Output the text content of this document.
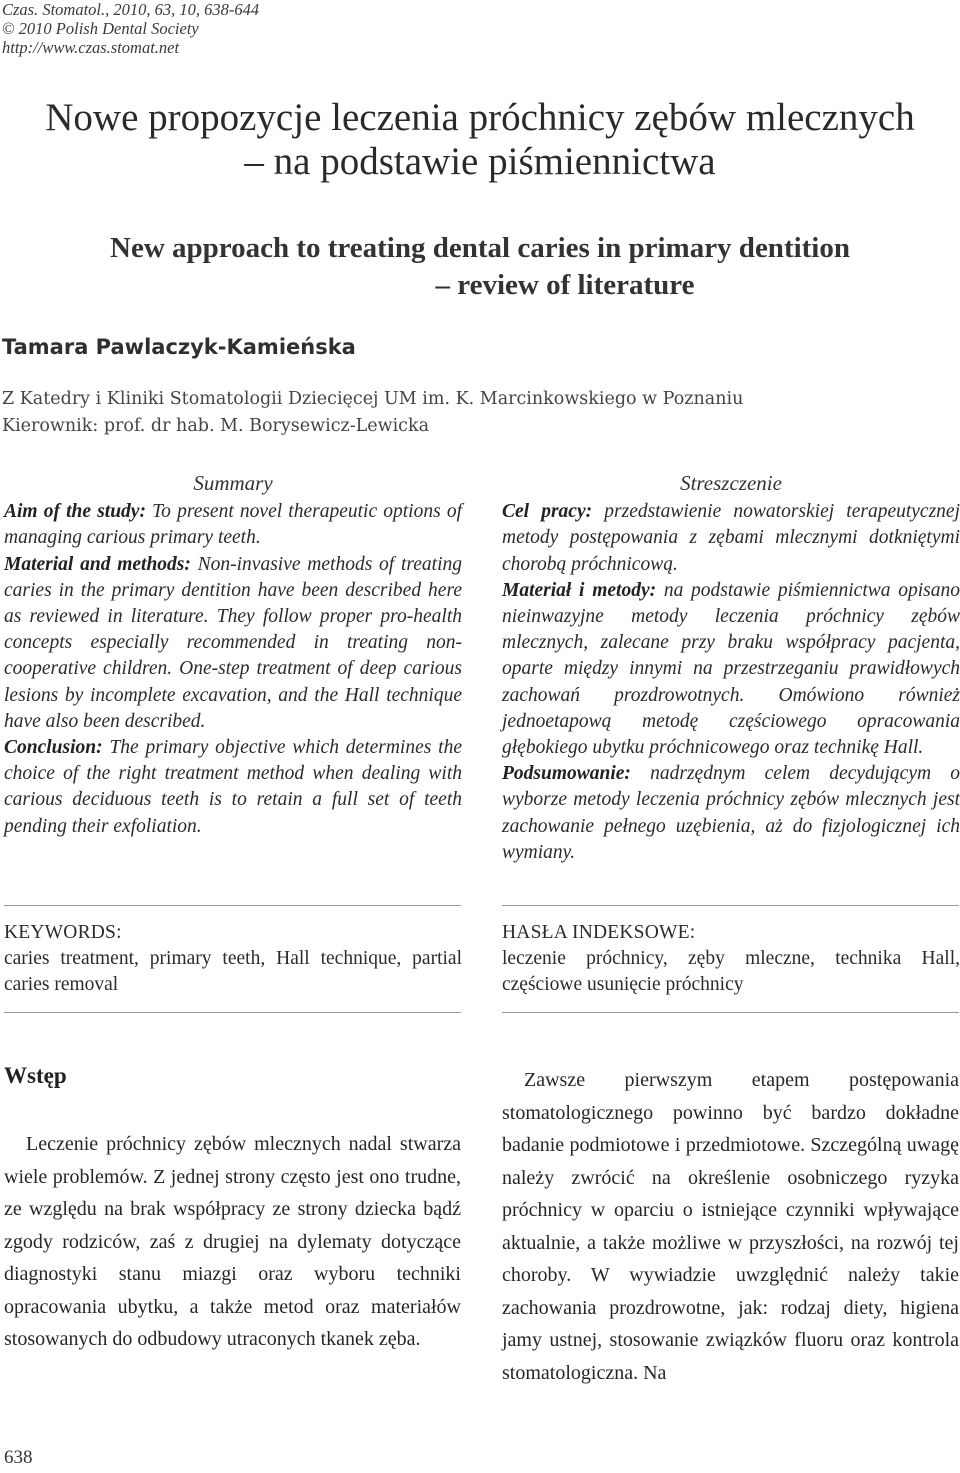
Czas. Stomatol., 2010, 63, 10, 638-644
© 2010 Polish Dental Society
http://www.czas.stomat.net
Nowe propozycje leczenia próchnicy zębów mlecznych
– na podstawie piśmiennictwa
New approach to treating dental caries in primary dentition
– review of literature
Tamara Pawlaczyk-Kamieńska
Z Katedry i Kliniki Stomatologii Dziecięcej UM im. K. Marcinkowskiego w Poznaniu
Kierownik: prof. dr hab. M. Borysewicz-Lewicka
Summary

Aim of the study: To present novel therapeutic options of managing carious primary teeth.

Material and methods: Non-invasive methods of treating caries in the primary dentition have been described here as reviewed in literature. They follow proper pro-health concepts especially recommended in treating non-cooperative children. One-step treatment of deep carious lesions by incomplete excavation, and the Hall technique have also been described.

Conclusion: The primary objective which determines the choice of the right treatment method when dealing with carious deciduous teeth is to retain a full set of teeth pending their exfoliation.

Streszczenie

Cel pracy: przedstawienie nowatorskiej terapeutycznej metody postępowania z zębami mlecznymi dotkniętymi chorobą próchnicową.

Materiał i metody: na podstawie piśmiennictwa opisano nieinwazyjne metody leczenia próchnicy zębów mlecznych, zalecane przy braku współpracy pacjenta, oparte między innymi na przestrzeganiu prawidłowych zachowań prozdrowotnych. Omówiono również jednoetapową metodę częściowego opracowania głębokiego ubytku próchnicowego oraz technikę Hall.

Podsumowanie: nadrzędnym celem decydującym o wyborze metody leczenia próchnicy zębów mlecznych jest zachowanie pełnego uzębienia, aż do fizjologicznej ich wymiany.

KEYWORDS:
caries treatment, primary teeth, Hall technique, partial caries removal
HASŁA INDEKSOWE:
leczenie próchnicy, zęby mleczne, technika Hall, częściowe usunięcie próchnicy
Wstęp

Leczenie próchnicy zębów mlecznych nadal stwarza wiele problemów. Z jednej strony często jest ono trudne, ze względu na brak współpracy ze strony dziecka bądź zgody rodziców, zaś z drugiej na dylematy dotyczące diagnostyki stanu miazgi oraz wyboru techniki opracowania ubytku, a także metod oraz materiałów stosowanych do odbudowy utraconych tkanek zęba.

Zawsze pierwszym etapem postępowania stomatologicznego powinno być bardzo dokładne badanie podmiotowe i przedmiotowe. Szczególną uwagę należy zwrócić na określenie osobniczego ryzyka próchnicy w oparciu o istniejące czynniki wpływające aktualnie, a także możliwe w przyszłości, na rozwój tej choroby. W wywiadzie uwzględnić należy takie zachowania prozdrowotne, jak: rodzaj diety, higiena jamy ustnej, stosowanie związków fluoru oraz kontrola stomatologiczna. Na

638
